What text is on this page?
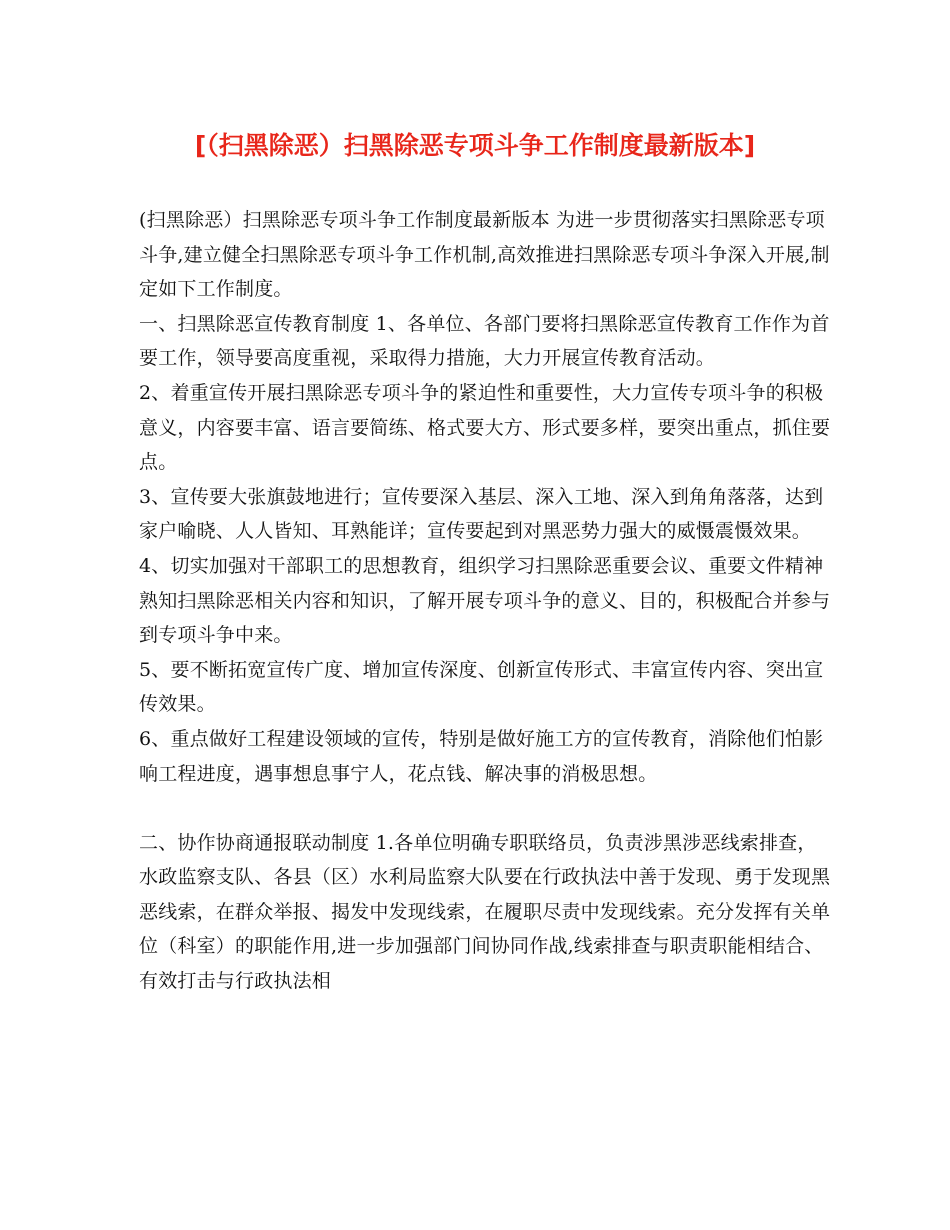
[（扫黑除恶）扫黑除恶专项斗争工作制度最新版本]

(扫黑除恶）扫黑除恶专项斗争工作制度最新版本 为进一步贯彻落实扫黑除恶专项斗争,建立健全扫黑除恶专项斗争工作机制,高效推进扫黑除恶专项斗争深入开展,制定如下工作制度。

一、扫黑除恶宣传教育制度 1、各单位、各部门要将扫黑除恶宣传教育工作作为首要工作，领导要高度重视，采取得力措施，大力开展宣传教育活动。

2、着重宣传开展扫黑除恶专项斗争的紧迫性和重要性，大力宣传专项斗争的积极意义，内容要丰富、语言要简练、格式要大方、形式要多样，要突出重点，抓住要点。

3、宣传要大张旗鼓地进行；宣传要深入基层、深入工地、深入到角角落落，达到家户喻晓、人人皆知、耳熟能详；宣传要起到对黑恶势力强大的威慑震慑效果。

4、切实加强对干部职工的思想教育，组织学习扫黑除恶重要会议、重要文件精神熟知扫黑除恶相关内容和知识，了解开展专项斗争的意义、目的，积极配合并参与到专项斗争中来。

5、要不断拓宽宣传广度、增加宣传深度、创新宣传形式、丰富宣传内容、突出宣传效果。

6、重点做好工程建设领域的宣传，特别是做好施工方的宣传教育，消除他们怕影响工程进度，遇事想息事宁人，花点钱、解决事的消极思想。

二、协作协商通报联动制度 1.各单位明确专职联络员，负责涉黑涉恶线索排查，水政监察支队、各县（区）水利局监察大队要在行政执法中善于发现、勇于发现黑恶线索，在群众举报、揭发中发现线索，在履职尽责中发现线索。充分发挥有关单位（科室）的职能作用,进一步加强部门间协同作战,线索排查与职责职能相结合、有效打击与行政执法相
